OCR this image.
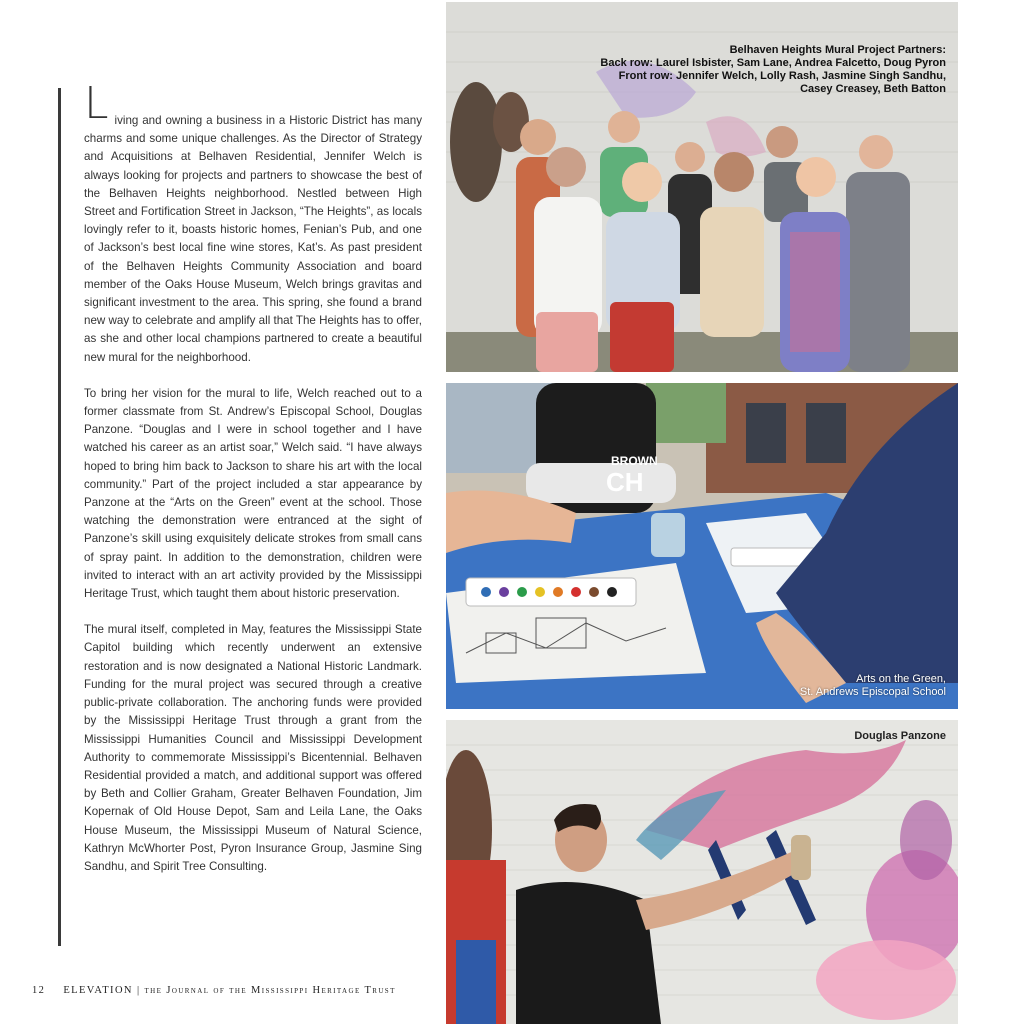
Living and owning a business in a Historic District has many charms and some unique challenges. As the Director of Strategy and Acquisitions at Belhaven Residential, Jennifer Welch is always looking for projects and partners to showcase the best of the Belhaven Heights neighborhood. Nestled between High Street and Fortification Street in Jackson, “The Heights”, as locals lovingly refer to it, boasts historic homes, Fenian’s Pub, and one of Jackson’s best local fine wine stores, Kat’s. As past president of the Belhaven Heights Community Association and board member of the Oaks House Museum, Welch brings gravitas and significant investment to the area. This spring, she found a brand new way to celebrate and amplify all that The Heights has to offer, as she and other local champions partnered to create a beautiful new mural for the neighborhood.

To bring her vision for the mural to life, Welch reached out to a former classmate from St. Andrew’s Episcopal School, Douglas Panzone. “Douglas and I were in school together and I have watched his career as an artist soar,” Welch said. “I have always hoped to bring him back to Jackson to share his art with the local community.” Part of the project included a star appearance by Panzone at the “Arts on the Green” event at the school. Those watching the demonstration were entranced at the sight of Panzone’s skill using exquisitely delicate strokes from small cans of spray paint. In addition to the demonstration, children were invited to interact with an art activity provided by the Mississippi Heritage Trust, which taught them about historic preservation.

The mural itself, completed in May, features the Mississippi State Capitol building which recently underwent an extensive restoration and is now designated a National Historic Landmark. Funding for the mural project was secured through a creative public-private collaboration. The anchoring funds were provided by the Mississippi Heritage Trust through a grant from the Mississippi Humanities Council and Mississippi Development Authority to commemorate Mississippi’s Bicentennial. Belhaven Residential provided a match, and additional support was offered by Beth and Collier Graham, Greater Belhaven Foundation, Jim Kopernak of Old House Depot, Sam and Leila Lane, the Oaks House Museum, the Mississippi Museum of Natural Science, Kathryn McWhorter Post, Pyron Insurance Group, Jasmine Sing Sandhu, and Spirit Tree Consulting.

12 ELEVATION | the Journal of the Mississippi Heritage Trust
Belhaven Heights Mural Project Partners:
Back row: Laurel Isbister, Sam Lane, Andrea Falcetto, Doug Pyron
Front row: Jennifer Welch, Lolly Rash, Jasmine Singh Sandhu,
Casey Creasey, Beth Batton
BROWN
CH
Arts on the Green,
St. Andrews Episcopal School
Douglas Panzone
